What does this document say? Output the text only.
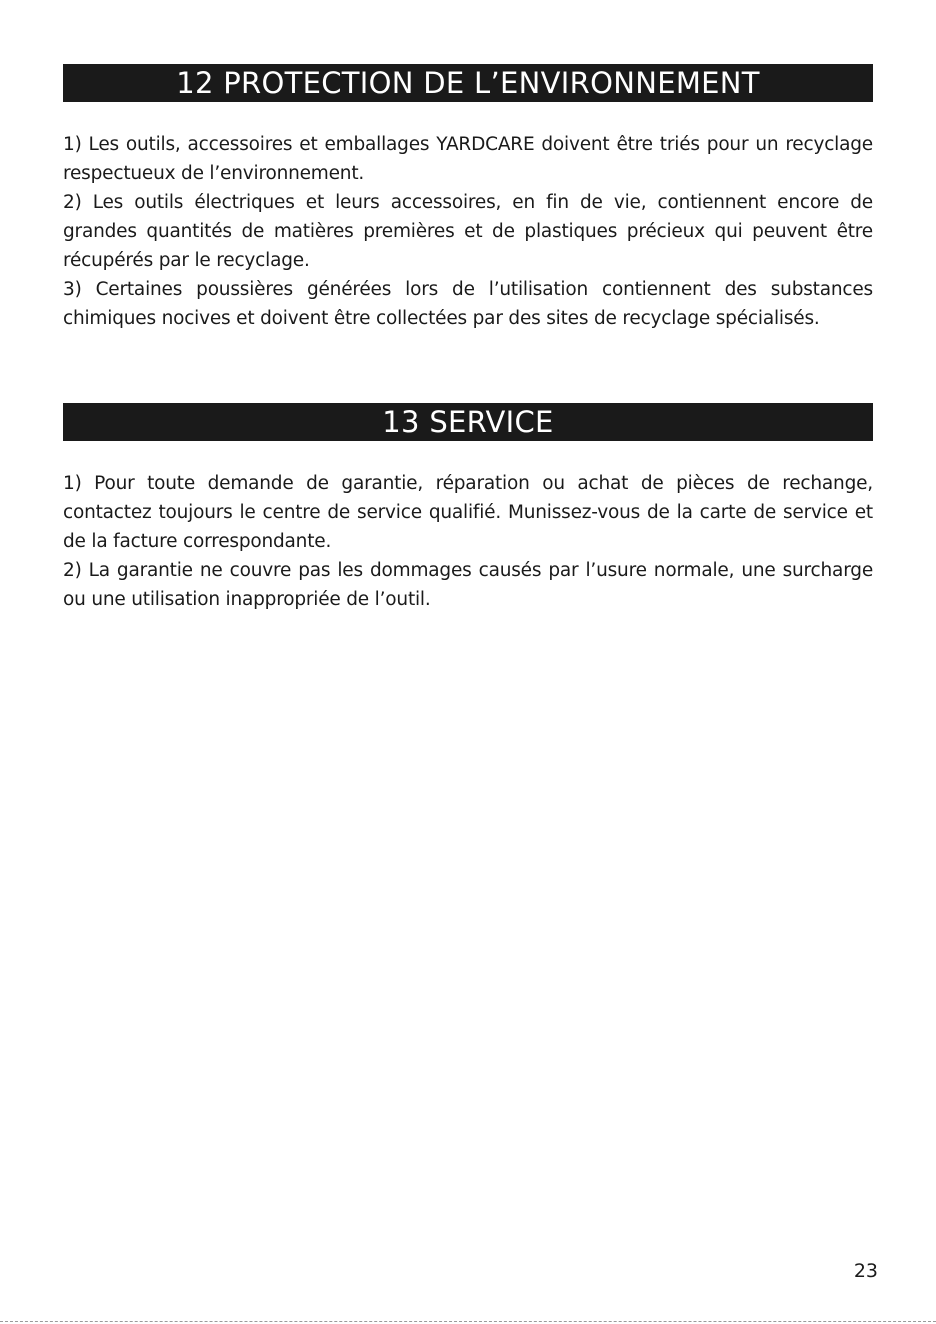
12 PROTECTION DE L’ENVIRONNEMENT

1) Les outils, accessoires et emballages YARDCARE doivent être triés pour un recyclage respectueux de l’environnement.

2) Les outils électriques et leurs accessoires, en fin de vie, contiennent encore de grandes quantités de matières premières et de plastiques précieux qui peuvent être récupérés par le recyclage.

3) Certaines poussières générées lors de l’utilisation contiennent des substances chimiques nocives et doivent être collectées par des sites de recyclage spécialisés.

13 SERVICE

1) Pour toute demande de garantie, réparation ou achat de pièces de rechange, contactez toujours le centre de service qualifié. Munissez-vous de la carte de service et de la facture correspondante.

2) La garantie ne couvre pas les dommages causés par l’usure normale, une surcharge ou une utilisation inappropriée de l’outil.

23
